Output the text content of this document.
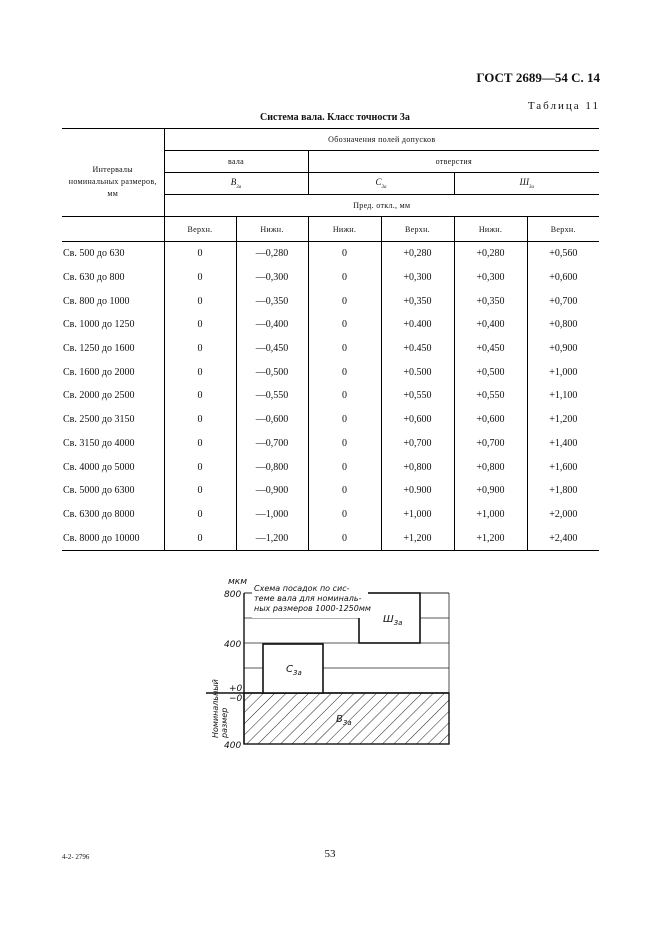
ГОСТ 2689—54 С. 14
Таблица 11
Система вала. Класс точности 3а
Интервалы номинальных размеров, мм	Обозначения полей допусков					
	вала		отверстия			
	$В_{3а}$		$С_{3а}$		$Ш_{3а}$
	Пред. откл., мм					
	Верхн.	Нижн.	Нижн.	Верхн.	Нижн.	Верхн.
Св. 500 до 630	0	—0,280	0	+0,280	+0,280	+0,560
Св. 630 до 800	0	—0,300	0	+0,300	+0,300	+0,600
Св. 800 до 1000	0	—0,350	0	+0,350	+0,350	+0,700
Св. 1000 до 1250	0	—0,400	0	+0.400	+0,400	+0,800
Св. 1250 до 1600	0	—0,450	0	+0.450	+0,450	+0,900
Св. 1600 до 2000	0	—0,500	0	+0.500	+0,500	+1,000
Св. 2000 до 2500	0	—0,550	0	+0,550	+0,550	+1,100
Св. 2500 до 3150	0	—0,600	0	+0,600	+0,600	+1,200
Св. 3150 до 4000	0	—0,700	0	+0,700	+0,700	+1,400
Св. 4000 до 5000	0	—0,800	0	+0,800	+0,800	+1,600
Св. 5000 до 6300	0	—0,900	0	+0.900	+0,900	+1,800
Св. 6300 до 8000	0	—1,000	0	+1,000	+1,000	+2,000
Св. 8000 до 10000	0	—1,200	0	+1,200	+1,200	+2,400
мкм
Схема посадок по сис-
теме вала для номиналь-
ных размеров 1000-1250мм
800
400
+0
−0
400
$С_{3а}$
$Ш_{3а}$
$В_{3а}$
Номинальный размер
4-2- 2796	53
